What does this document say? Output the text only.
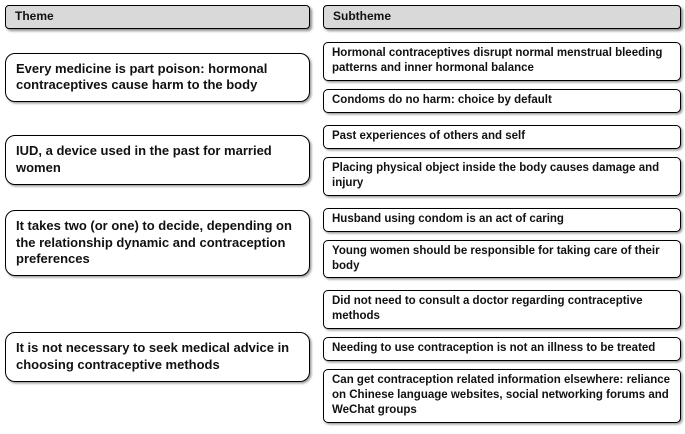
Theme	Subtheme
Every medicine is part poison: hormonal contraceptives cause harm to the body
Hormonal contraceptives disrupt normal menstrual bleeding patterns and inner hormonal balance
Condoms do no harm: choice by default
IUD, a device used in the past for married women
Past experiences of others and self
Placing physical object inside the body causes damage and injury
It takes two (or one) to decide, depending on the relationship dynamic and contraception preferences
Husband using condom is an act of caring
Young women should be responsible for taking care of their body
It is not necessary to seek medical advice in choosing contraceptive methods
Did not need to consult a doctor regarding contraceptive methods
Needing to use contraception is not an illness to be treated
Can get contraception related information elsewhere: reliance on Chinese language websites, social networking forums and WeChat groups
